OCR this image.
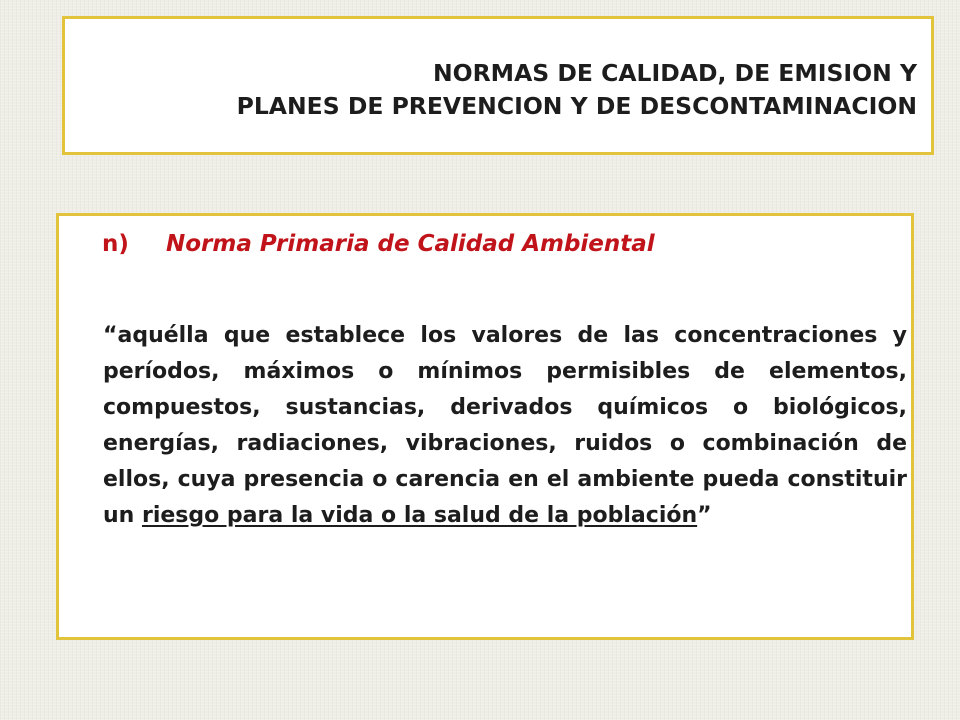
NORMAS DE CALIDAD, DE EMISION Y
PLANES DE PREVENCION Y DE DESCONTAMINACION
n) Norma Primaria de Calidad Ambiental
“aquélla que establece los valores de las concentraciones y períodos, máximos o mínimos permisibles de elementos, compuestos, sustancias, derivados químicos o biológicos, energías, radiaciones, vibraciones, ruidos o combinación de ellos, cuya presencia o carencia en el ambiente pueda constituir un riesgo para la vida o la salud de la población”
